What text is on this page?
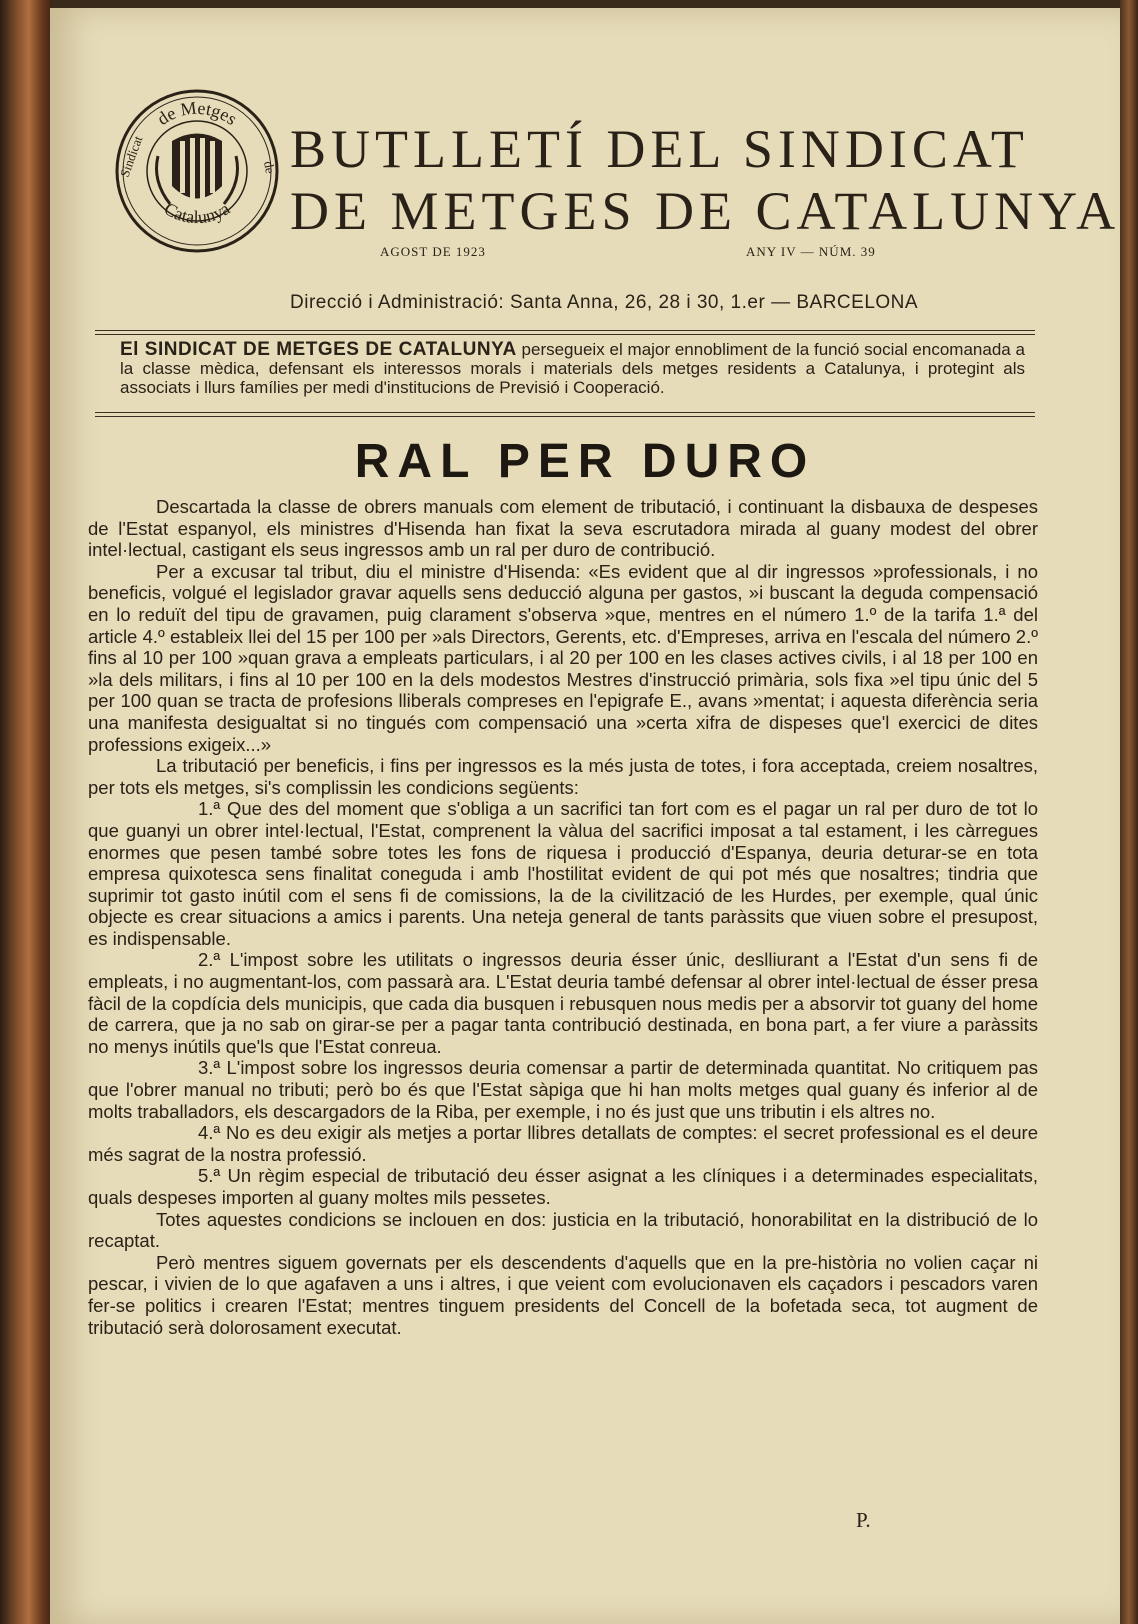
de Metges
Catalunya
Sindicat	de BUTLLETÍ DEL SINDICAT
DE METGES DE CATALUNYA
AGOST DE 1923	ANY IV — NÚM. 39
Direcció i Administració: Santa Anna, 26, 28 i 30, 1.er — BARCELONA
El SINDICAT DE METGES DE CATALUNYA persegueix el major ennobliment de la funció social encomanada a la classe mèdica, defensant els interessos morals i materials dels metges residents a Catalunya, i protegint als associats i llurs famílies per medi d'institucions de Previsió i Cooperació.
RAL PER DURO

Descartada la classe de obrers manuals com element de tributació, i continuant la disbauxa de despeses de l'Estat espanyol, els ministres d'Hisenda han fixat la seva escrutadora mirada al guany modest del obrer intel·lectual, castigant els seus ingressos amb un ral per duro de contribució.

Per a excusar tal tribut, diu el ministre d'Hisenda: «Es evident que al dir ingressos »professionals, i no beneficis, volgué el legislador gravar aquells sens deducció alguna per gastos, »i buscant la deguda compensació en lo reduït del tipu de gravamen, puig clarament s'observa »que, mentres en el número 1.º de la tarifa 1.ª del article 4.º estableix llei del 15 per 100 per »als Directors, Gerents, etc. d'Empreses, arriva en l'escala del número 2.º fins al 10 per 100 »quan grava a empleats particulars, i al 20 per 100 en les clases actives civils, i al 18 per 100 en »la dels militars, i fins al 10 per 100 en la dels modestos Mestres d'instrucció primària, sols fixa »el tipu únic del 5 per 100 quan se tracta de profesions lliberals compreses en l'epigrafe E., avans »mentat; i aquesta diferència seria una manifesta desigualtat si no tingués com compensació una »certa xifra de dispeses que'l exercici de dites professions exigeix...»

La tributació per beneficis, i fins per ingressos es la més justa de totes, i fora acceptada, creiem nosaltres, per tots els metges, si's complissin les condicions següents:

1.ª Que des del moment que s'obliga a un sacrifici tan fort com es el pagar un ral per duro de tot lo que guanyi un obrer intel·lectual, l'Estat, comprenent la vàlua del sacrifici imposat a tal estament, i les càrregues enormes que pesen també sobre totes les fons de riquesa i producció d'Espanya, deuria deturar-se en tota empresa quixotesca sens finalitat coneguda i amb l'hostilitat evident de qui pot més que nosaltres; tindria que suprimir tot gasto inútil com el sens fi de comissions, la de la civilització de les Hurdes, per exemple, qual únic objecte es crear situacions a amics i parents. Una neteja general de tants paràssits que viuen sobre el presupost, es indispensable.

2.ª L'impost sobre les utilitats o ingressos deuria ésser únic, deslliurant a l'Estat d'un sens fi de empleats, i no augmentant-los, com passarà ara. L'Estat deuria també defensar al obrer intel·lectual de ésser presa fàcil de la copdícia dels municipis, que cada dia busquen i rebusquen nous medis per a absorvir tot guany del home de carrera, que ja no sab on girar-se per a pagar tanta contribució destinada, en bona part, a fer viure a paràssits no menys inútils que'ls que l'Estat conreua.

3.ª L'impost sobre los ingressos deuria comensar a partir de determinada quantitat. No critiquem pas que l'obrer manual no tributi; però bo és que l'Estat sàpiga que hi han molts metges qual guany és inferior al de molts traballadors, els descargadors de la Riba, per exemple, i no és just que uns tributin i els altres no.

4.ª No es deu exigir als metjes a portar llibres detallats de comptes: el secret professional es el deure més sagrat de la nostra professió.

5.ª Un règim especial de tributació deu ésser asignat a les clíniques i a determinades especialitats, quals despeses importen al guany moltes mils pessetes.

Totes aquestes condicions se inclouen en dos: justicia en la tributació, honorabilitat en la distribució de lo recaptat.

Però mentres siguem governats per els descendents d'aquells que en la pre-història no volien caçar ni pescar, i vivien de lo que agafaven a uns i altres, i que veient com evolucionaven els caçadors i pescadors varen fer-se politics i crearen l'Estat; mentres tinguem presidents del Concell de la bofetada seca, tot augment de tributació serà dolorosament executat.

P.
